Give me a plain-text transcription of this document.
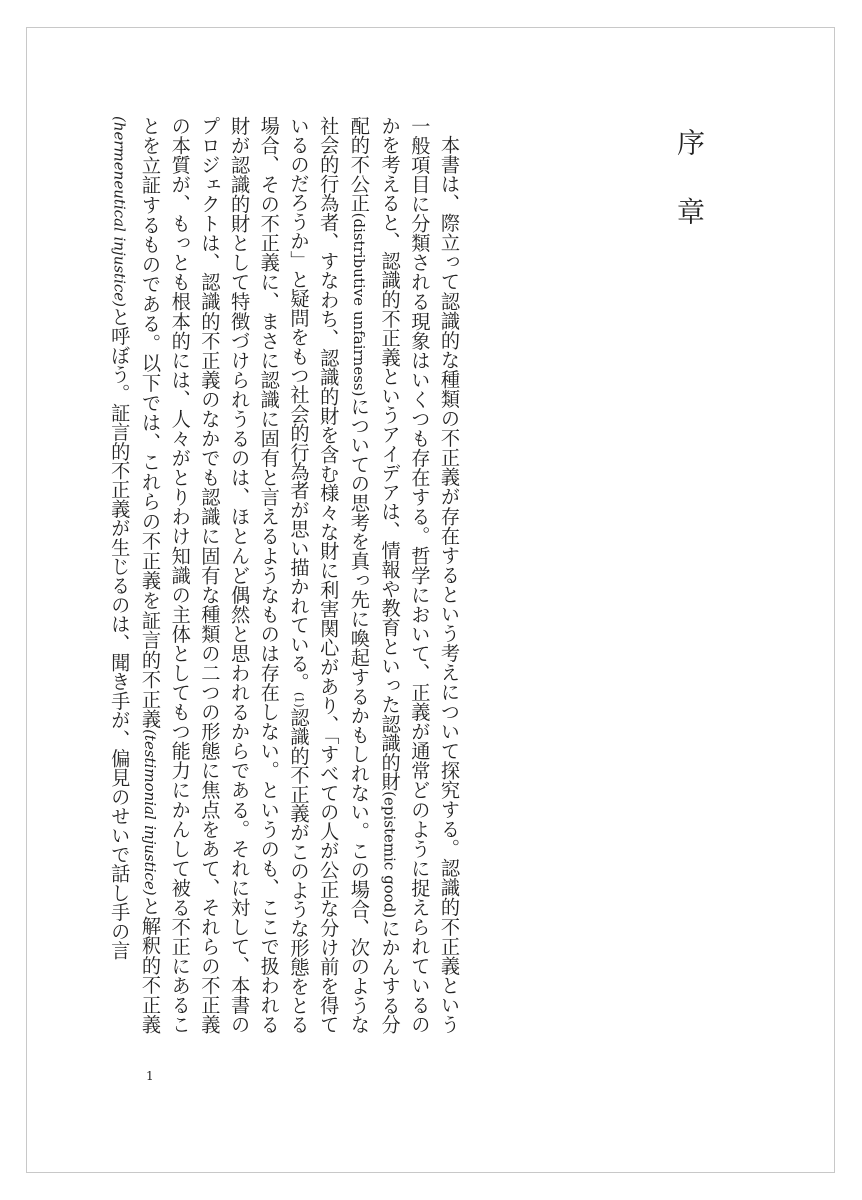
序 章

本書は、際立って認識的な種類の不正義が存在するという考えについて探究する。認識的不正義という一般項目に分類される現象はいくつも存在する。哲学において、正義が通常どのように捉えられているのかを考えると、認識的不正義というアイデアは、情報や教育といった認識的財(epistemic good)にかんする分配的不公正(distributive unfairness)についての思考を真っ先に喚起するかもしれない。この場合、次のような社会的行為者、すなわち、認識的財を含む様々な財に利害関心があり、「すべての人が公正な分け前を得ているのだろうか」と疑問をもつ社会的行為者が思い描かれている。(1)認識的不正義がこのような形態をとる場合、その不正義に、まさに認識に固有と言えるようなものは存在しない。というのも、ここで扱われる財が認識的財として特徴づけられうるのは、ほとんど偶然と思われるからである。それに対して、本書のプロジェクトは、認識的不正義のなかでも認識に固有な種類の二つの形態に焦点をあて、それらの不正義の本質が、もっとも根本的には、人々がとりわけ知識の主体としてもつ能力にかんして被る不正にあることを立証するものである。以下では、これらの不正義を証言的不正義(testimonial injustice)と解釈的不正義(hermeneutical injustice)と呼ぼう。証言的不正義が生じるのは、聞き手が、偏見のせいで話し手の言

1
